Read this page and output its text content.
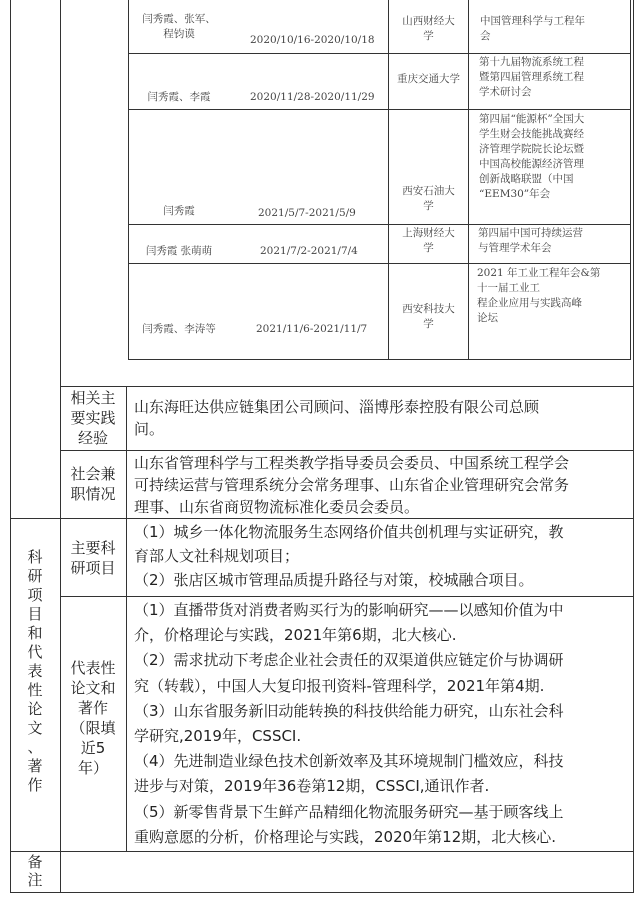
闫秀霞、张军、
程钧谟	2020/10/16-2020/10/18
山西财经大
学
中国管理科学与工程年
会
闫秀霞、李霞	2020/11/28-2020/11/29
重庆交通大学
第十九届物流系统工程
暨第四届管理系统工程
学术研讨会
闫秀霞	2021/5/7-2021/5/9
西安石油大
学
第四届“能源杯”全国大
学生财会技能挑战赛经
济管理学院院长论坛暨
中国高校能源经济管理
创新战略联盟（中国
“EEM30”年会
闫秀霞 张萌萌	2021/7/2-2021/7/4
上海财经大
学
第四届中国可持续运营
与管理学术年会
闫秀霞、李涛等	2021/11/6-2021/11/7
西安科技大
学
2021 年工业工程年会&第
十一届工业工
程企业应用与实践高峰
论坛
相关主
要实践
经验
山东海旺达供应链集团公司顾问、淄博彤泰控股有限公司总顾
问。
社会兼
职情况
山东省管理科学与工程类教学指导委员会委员、中国系统工程学会
可持续运营与管理系统分会常务理事、山东省企业管理研究会常务
理事、山东省商贸物流标准化委员会委员。
科
研
项
目
和
代
表
性
论
文
、
著
作
主要科
研项目
（1）城乡一体化物流服务生态网络价值共创机理与实证研究，教
育部人文社科规划项目；
（2）张店区城市管理品质提升路径与对策，校城融合项目。
代表性
论文和
著作
（限填
近5
年）
（1）直播带货对消费者购买行为的影响研究——以感知价值为中
介，价格理论与实践，2021年第6期，北大核心.
（2）需求扰动下考虑企业社会责任的双渠道供应链定价与协调研
究（转载），中国人大复印报刊资料-管理科学，2021年第4期.
（3）山东省服务新旧动能转换的科技供给能力研究，山东社会科
学研究,2019年，CSSCI.
（4）先进制造业绿色技术创新效率及其环境规制门槛效应，科技
进步与对策，2019年36卷第12期，CSSCI,通讯作者.
（5）新零售背景下生鲜产品精细化物流服务研究—基于顾客线上
重购意愿的分析，价格理论与实践，2020年第12期，北大核心.
备
注
